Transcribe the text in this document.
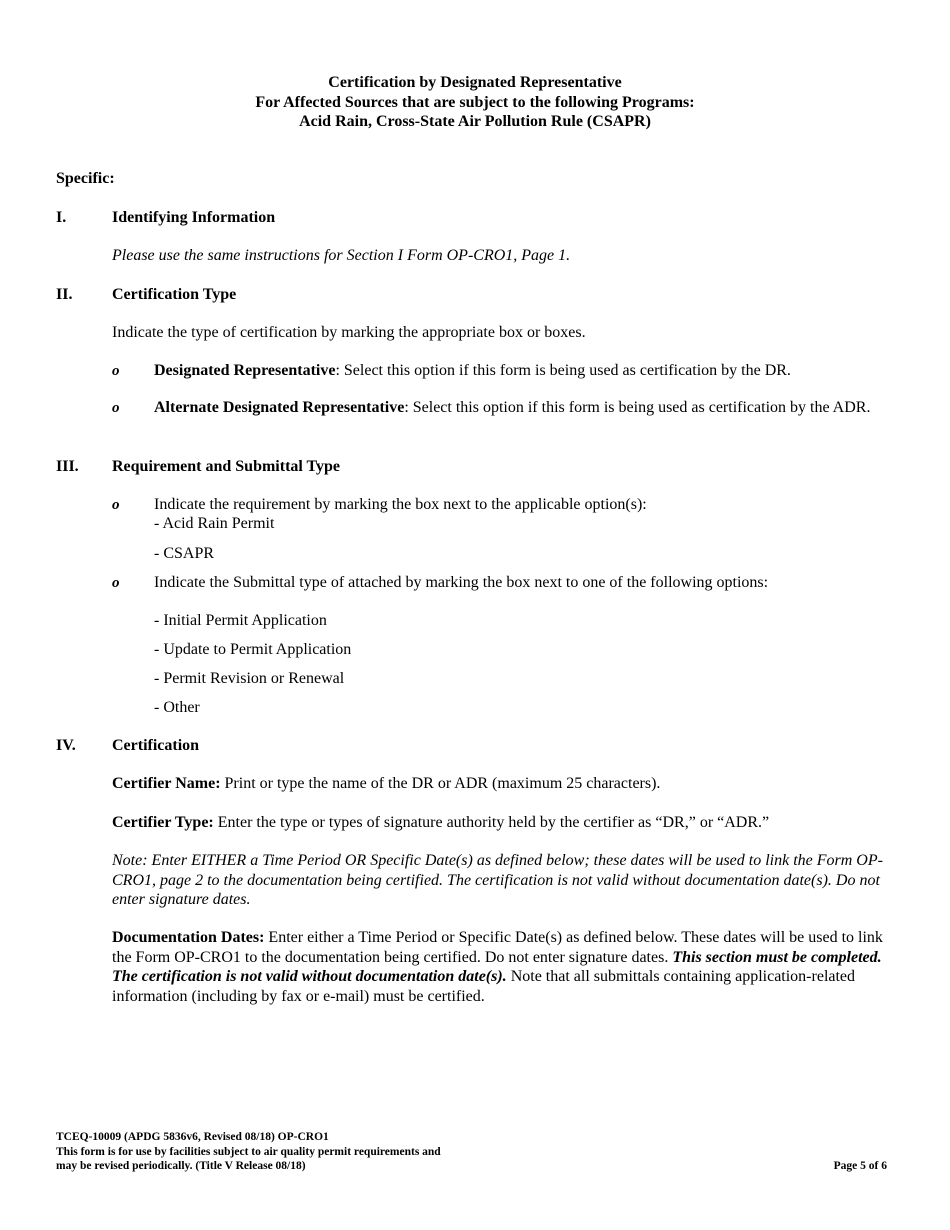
Certification by Designated Representative
For Affected Sources that are subject to the following Programs:
Acid Rain, Cross-State Air Pollution Rule (CSAPR)
Specific:
I.	Identifying Information
Please use the same instructions for Section I Form OP-CRO1, Page 1.
II. Certification Type
Indicate the type of certification by marking the appropriate box or boxes.
o Designated Representative: Select this option if this form is being used as certification by the DR.
o Alternate Designated Representative: Select this option if this form is being used as certification by the ADR.
III. Requirement and Submittal Type
o Indicate the requirement by marking the box next to the applicable option(s):
- Acid Rain Permit
- CSAPR
o Indicate the Submittal type of attached by marking the box next to one of the following options:
- Initial Permit Application
- Update to Permit Application
- Permit Revision or Renewal
- Other
IV. Certification
Certifier Name: Print or type the name of the DR or ADR (maximum 25 characters).
Certifier Type: Enter the type or types of signature authority held by the certifier as “DR,” or “ADR.”
Note: Enter EITHER a Time Period OR Specific Date(s) as defined below; these dates will be used to link the Form OP-CRO1, page 2 to the documentation being certified. The certification is not valid without documentation date(s). Do not enter signature dates.
Documentation Dates: Enter either a Time Period or Specific Date(s) as defined below. These dates will be used to link the Form OP-CRO1 to the documentation being certified. Do not enter signature dates. This section must be completed. The certification is not valid without documentation date(s). Note that all submittals containing application-related information (including by fax or e-mail) must be certified.
TCEQ-10009 (APDG 5836v6, Revised 08/18) OP-CRO1
This form is for use by facilities subject to air quality permit requirements and
may be revised periodically. (Title V Release 08/18)	Page 5 of 6
